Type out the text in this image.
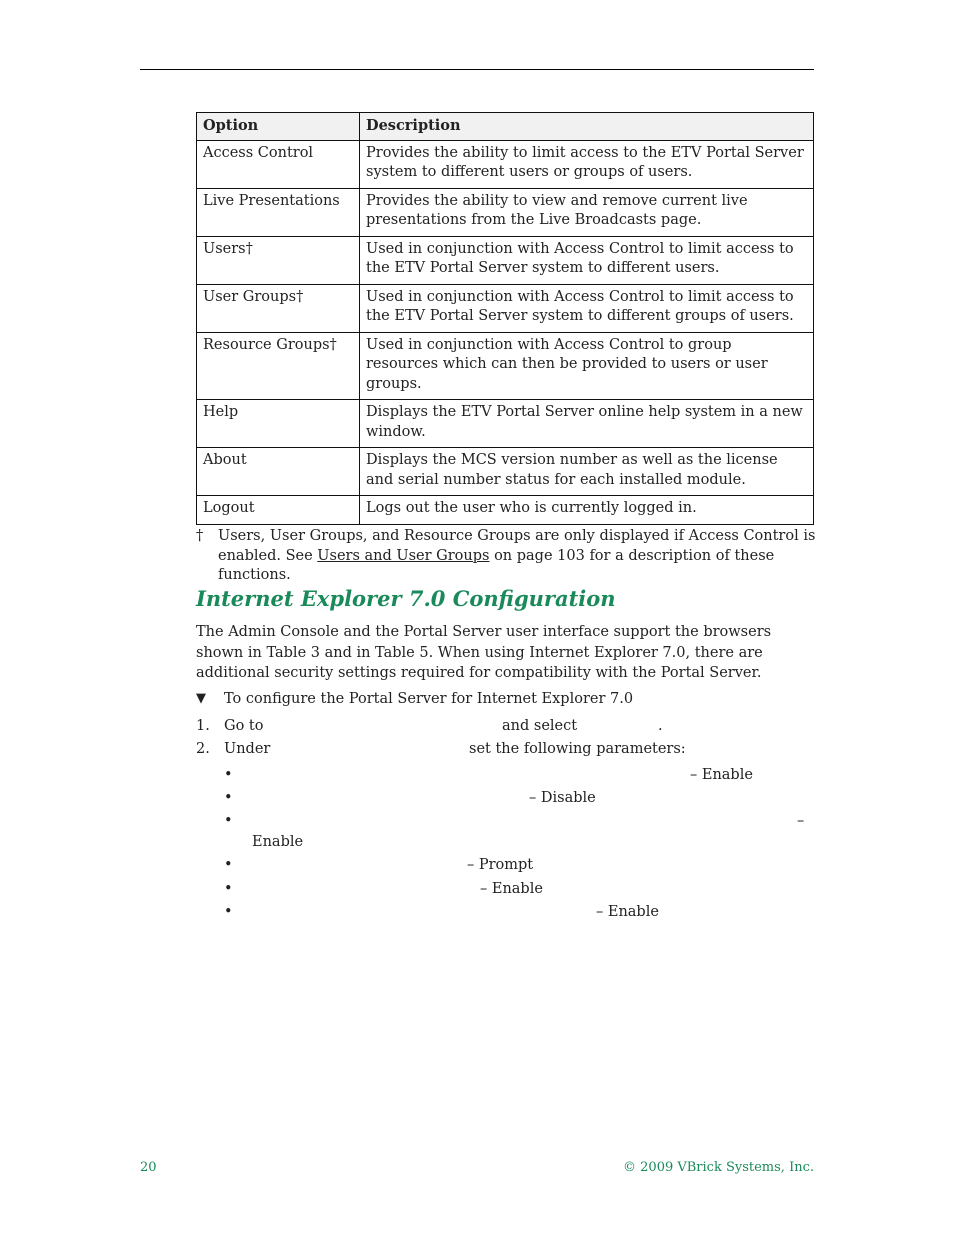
Option	Description
Access Control	Provides the ability to limit access to the ETV Portal Server system to different users or groups of users.
Live Presentations	Provides the ability to view and remove current live presentations from the Live Broadcasts page.
Users†	Used in conjunction with Access Control to limit access to the ETV Portal Server system to different users.
User Groups†	Used in conjunction with Access Control to limit access to the ETV Portal Server system to different groups of users.
Resource Groups†	Used in conjunction with Access Control to group resources which can then be provided to users or user groups.
Help	Displays the ETV Portal Server online help system in a new window.
About	Displays the MCS version number as well as the license and serial number status for each installed module.
Logout	Logs out the user who is currently logged in.
† Users, User Groups, and Resource Groups are only displayed if Access Control is enabled. See Users and User Groups on page 103 for a description of these functions.
Internet Explorer 7.0 Configuration

The Admin Console and the Portal Server user interface support the browsers shown in Table 3 and in Table 5. When using Internet Explorer 7.0, there are additional security settings required for compatibility with the Portal Server.

▼ To configure the Portal Server for Internet Explorer 7.0
1. Go to	and select	.
2. Under	set the following parameters:
•	– Enable
•	– Disable
•	–
Enable
•	– Prompt
•	– Enable
•	– Enable
20	© 2009 VBrick Systems, Inc.
